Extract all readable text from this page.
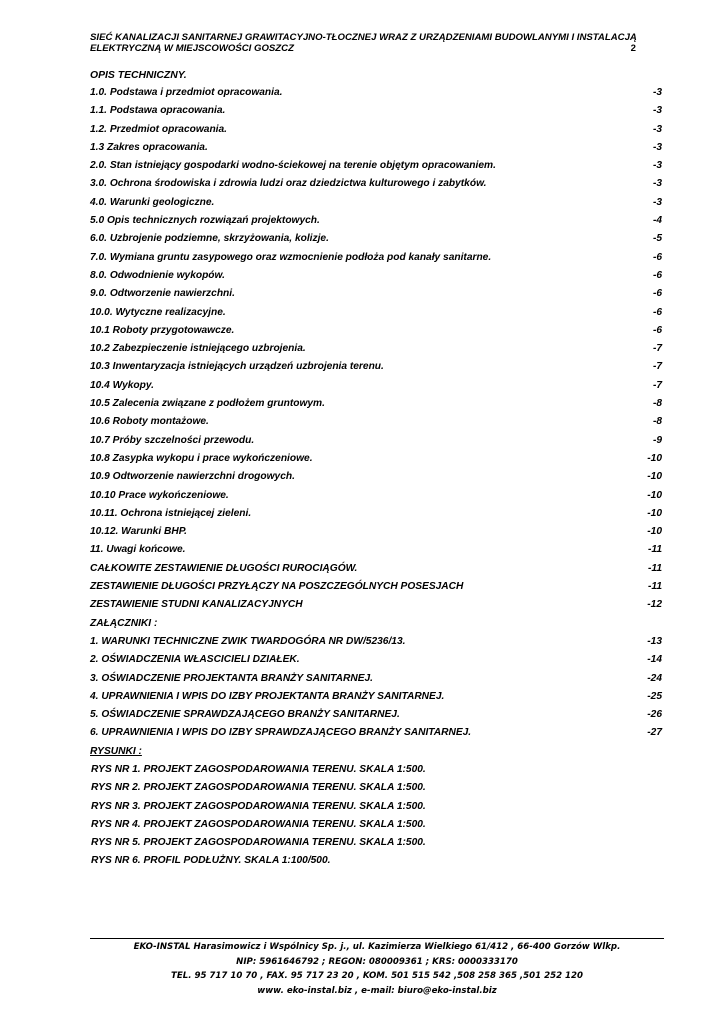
SIEĆ KANALIZACJI SANITARNEJ GRAWITACYJNO-TŁOCZNEJ WRAZ Z URZĄDZENIAMI BUDOWLANYMI I INSTALACJĄ
ELEKTRYCZNĄ W MIEJSCOWOŚCI GOSZCZ	2
OPIS TECHNICZNY.
1.0. Podstawa i przedmiot opracowania.	-3
1.1. Podstawa opracowania.	-3
1.2. Przedmiot opracowania.	-3
1.3 Zakres opracowania.	-3
2.0. Stan istniejący gospodarki wodno-ściekowej na terenie objętym opracowaniem.	-3
3.0. Ochrona środowiska i zdrowia ludzi oraz dziedzictwa kulturowego i zabytków.	-3
4.0. Warunki geologiczne.	-3
5.0 Opis technicznych rozwiązań projektowych.	-4
6.0. Uzbrojenie podziemne, skrzyżowania, kolizje.	-5
7.0. Wymiana gruntu zasypowego oraz wzmocnienie podłoża pod kanały sanitarne.	-6
8.0. Odwodnienie wykopów.	-6
9.0. Odtworzenie nawierzchni.	-6
10.0. Wytyczne realizacyjne.	-6
10.1 Roboty przygotowawcze.	-6
10.2 Zabezpieczenie istniejącego uzbrojenia.	-7
10.3 Inwentaryzacja istniejących urządzeń uzbrojenia terenu.	-7
10.4 Wykopy.	-7
10.5 Zalecenia związane z podłożem gruntowym.	-8
10.6 Roboty montażowe.	-8
10.7 Próby szczelności przewodu.	-9
10.8 Zasypka wykopu i prace wykończeniowe.	-10
10.9 Odtworzenie nawierzchni drogowych.	-10
10.10 Prace wykończeniowe.	-10
10.11. Ochrona istniejącej zieleni.	-10
10.12. Warunki BHP.	-10
11. Uwagi końcowe.	-11
CAŁKOWITE ZESTAWIENIE DŁUGOŚCI RUROCIĄGÓW.	-11
ZESTAWIENIE DŁUGOŚCI PRZYŁĄCZY NA POSZCZEGÓLNYCH POSESJACH	-11
ZESTAWIENIE STUDNI KANALIZACYJNYCH	-12
ZAŁĄCZNIKI :
1. WARUNKI TECHNICZNE ZWIK TWARDOGÓRA NR DW/5236/13.	-13
2. OŚWIADCZENIA WŁASCICIELI DZIAŁEK.	-14
3. OŚWIADCZENIE PROJEKTANTA BRANŻY SANITARNEJ.	-24
4. UPRAWNIENIA I WPIS DO IZBY PROJEKTANTA BRANŻY SANITARNEJ.	-25
5. OŚWIADCZENIE SPRAWDZAJĄCEGO BRANŻY SANITARNEJ.	-26
6. UPRAWNIENIA I WPIS DO IZBY SPRAWDZAJĄCEGO BRANŻY SANITARNEJ.	-27
RYSUNKI :
RYS NR 1. PROJEKT ZAGOSPODAROWANIA TERENU. SKALA 1:500.
RYS NR 2. PROJEKT ZAGOSPODAROWANIA TERENU. SKALA 1:500.
RYS NR 3. PROJEKT ZAGOSPODAROWANIA TERENU. SKALA 1:500.
RYS NR 4. PROJEKT ZAGOSPODAROWANIA TERENU. SKALA 1:500.
RYS NR 5. PROJEKT ZAGOSPODAROWANIA TERENU. SKALA 1:500.
RYS NR 6. PROFIL PODŁUŻNY. SKALA 1:100/500.
EKO-INSTAL Harasimowicz i Wspólnicy Sp. j., ul. Kazimierza Wielkiego 61/412 , 66-400 Gorzów Wlkp.
NIP: 5961646792 ; REGON: 080009361 ; KRS: 0000333170
TEL. 95 717 10 70 , FAX. 95 717 23 20 , KOM. 501 515 542 ,508 258 365 ,501 252 120
www. eko-instal.biz , e-mail: biuro@eko-instal.biz
